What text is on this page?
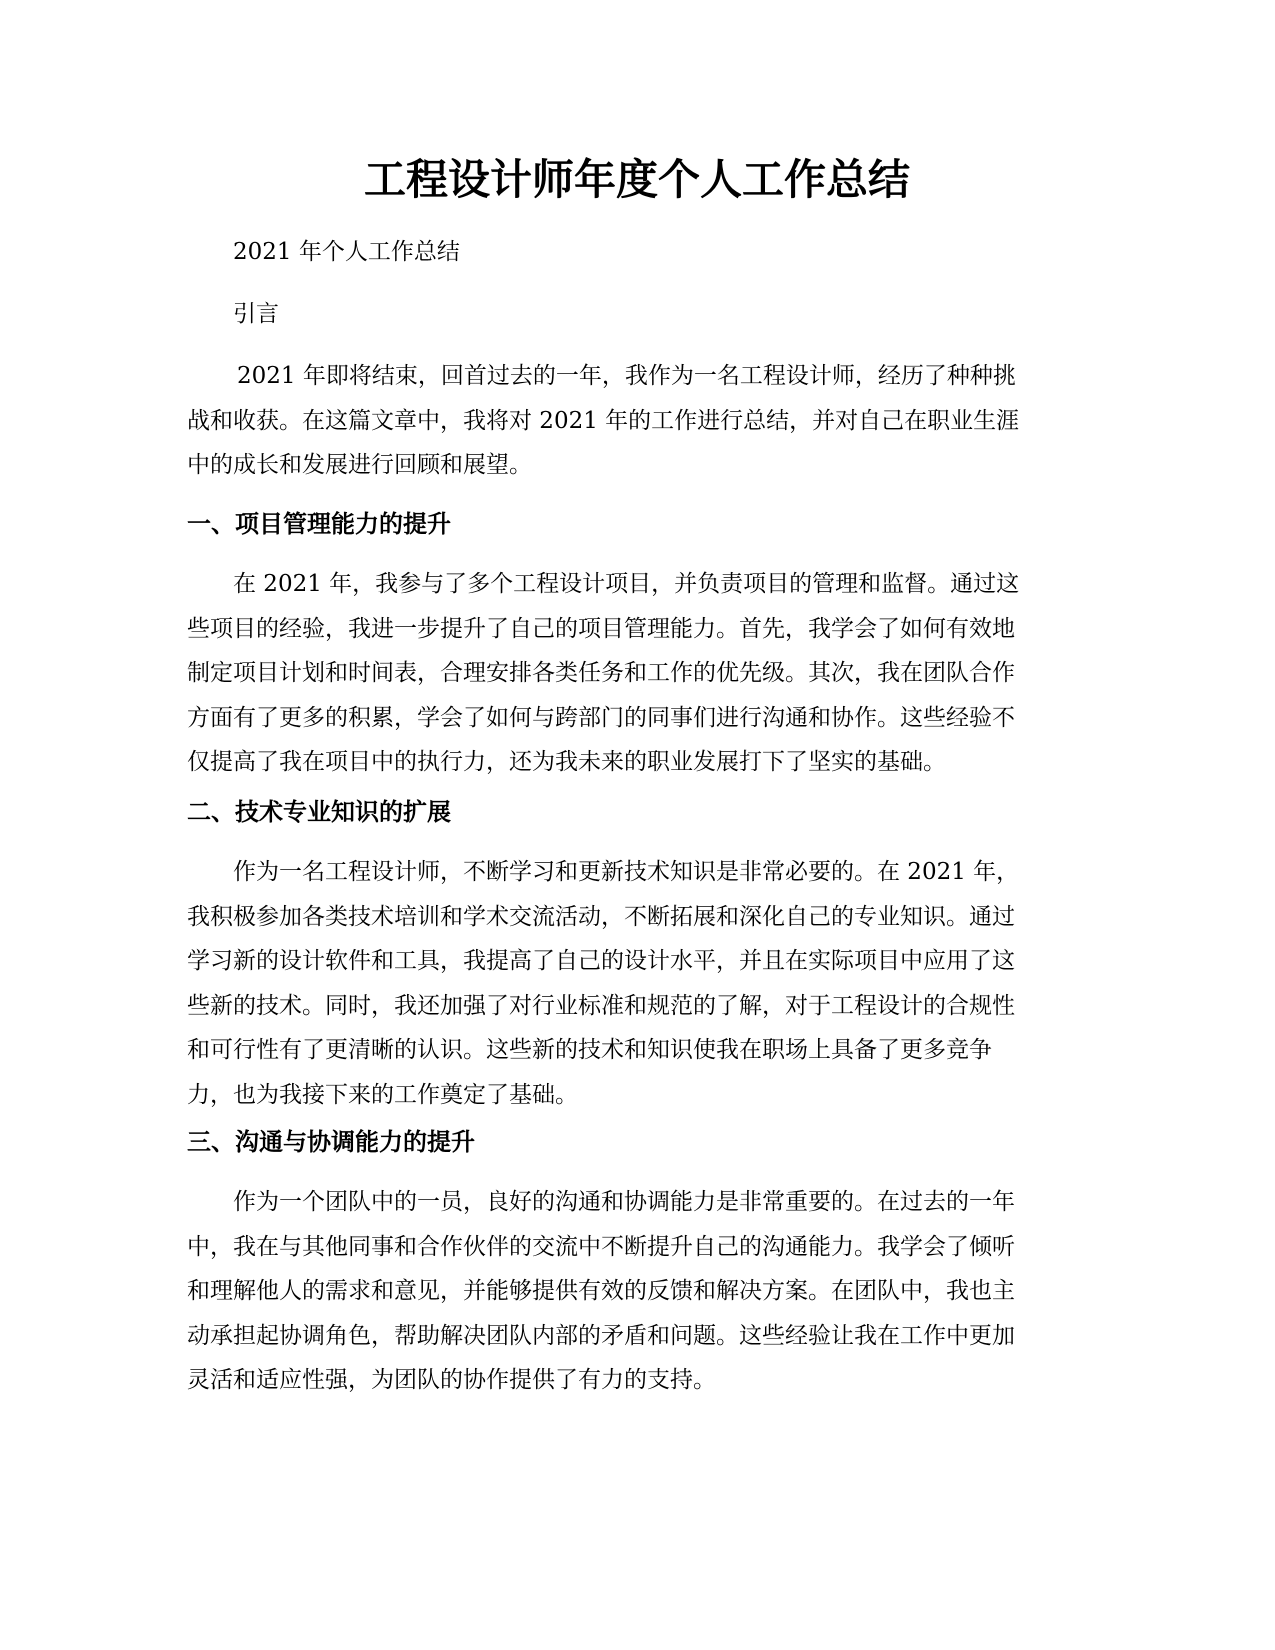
工程设计师年度个人工作总结

2021 年个人工作总结

引言

2021 年即将结束，回首过去的一年，我作为一名工程设计师，经历了种种挑
战和收获。在这篇文章中，我将对 2021 年的工作进行总结，并对自己在职业生涯
中的成长和发展进行回顾和展望。

一、项目管理能力的提升

在 2021 年，我参与了多个工程设计项目，并负责项目的管理和监督。通过这
些项目的经验，我进一步提升了自己的项目管理能力。首先，我学会了如何有效地
制定项目计划和时间表，合理安排各类任务和工作的优先级。其次，我在团队合作
方面有了更多的积累，学会了如何与跨部门的同事们进行沟通和协作。这些经验不
仅提高了我在项目中的执行力，还为我未来的职业发展打下了坚实的基础。

二、技术专业知识的扩展

作为一名工程设计师，不断学习和更新技术知识是非常必要的。在 2021 年，
我积极参加各类技术培训和学术交流活动，不断拓展和深化自己的专业知识。通过
学习新的设计软件和工具，我提高了自己的设计水平，并且在实际项目中应用了这
些新的技术。同时，我还加强了对行业标准和规范的了解，对于工程设计的合规性
和可行性有了更清晰的认识。这些新的技术和知识使我在职场上具备了更多竞争
力，也为我接下来的工作奠定了基础。

三、沟通与协调能力的提升

作为一个团队中的一员，良好的沟通和协调能力是非常重要的。在过去的一年
中，我在与其他同事和合作伙伴的交流中不断提升自己的沟通能力。我学会了倾听
和理解他人的需求和意见，并能够提供有效的反馈和解决方案。在团队中，我也主
动承担起协调角色，帮助解决团队内部的矛盾和问题。这些经验让我在工作中更加
灵活和适应性强，为团队的协作提供了有力的支持。
